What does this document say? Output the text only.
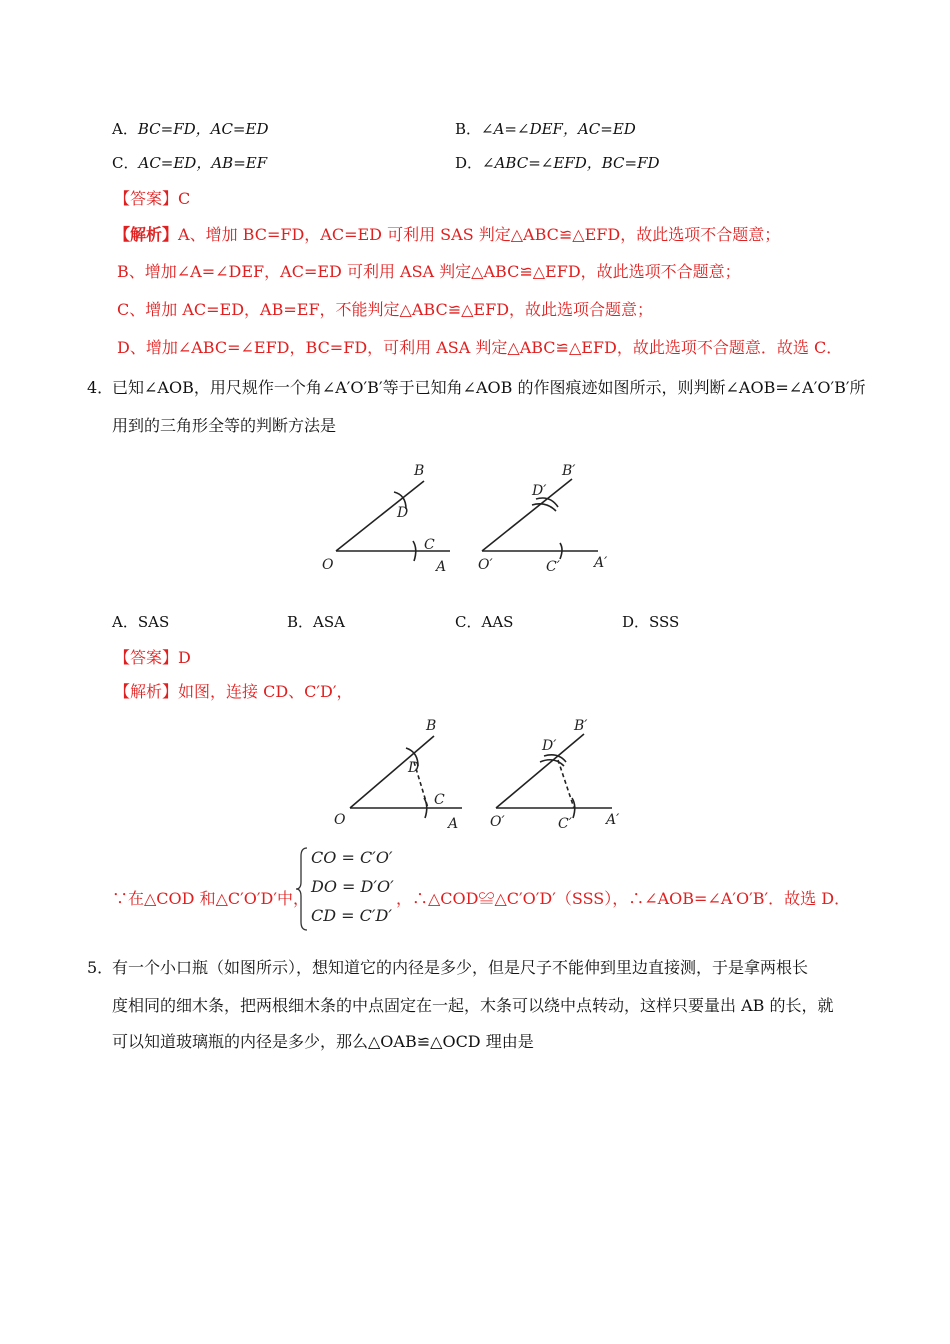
A．BC=FD，AC=ED	B．∠A=∠DEF，AC=ED
C．AC=ED，AB=EF	D．∠ABC=∠EFD，BC=FD
【答案】C
【解析】A、增加 BC=FD，AC=ED 可利用 SAS 判定△ABC≌△EFD，故此选项不合题意；
B、增加∠A=∠DEF，AC=ED 可利用 ASA 判定△ABC≌△EFD，故此选项不合题意；
C、增加 AC=ED，AB=EF，不能判定△ABC≌△EFD，故此选项合题意；
D、增加∠ABC=∠EFD，BC=FD，可利用 ASA 判定△ABC≌△EFD，故此选项不合题意．故选 C．
4．
已知∠AOB，用尺规作一个角∠A′O′B′等于已知角∠AOB 的作图痕迹如图所示，则判断∠AOB=∠A′O′B′所
用到的三角形全等的判断方法是
B
D
C
O	A
B′
D′
C′
O′	A′
A．SAS	B．ASA	C．AAS	D．SSS
【答案】D
【解析】如图，连接 CD、C′D′，
B
D
C
O	A
B′
D′
C′
O′	A′
∵在△COD 和△C′O′D′中，
CO = C′O′
DO = D′O′
CD = C′D′
，∴△COD≌△C′O′D′（SSS），∴∠AOB=∠A′O′B′．故选 D．
5．
有一个小口瓶（如图所示），想知道它的内径是多少，但是尺子不能伸到里边直接测，于是拿两根长
度相同的细木条，把两根细木条的中点固定在一起，木条可以绕中点转动，这样只要量出 AB 的长，就
可以知道玻璃瓶的内径是多少，那么△OAB≌△OCD 理由是
